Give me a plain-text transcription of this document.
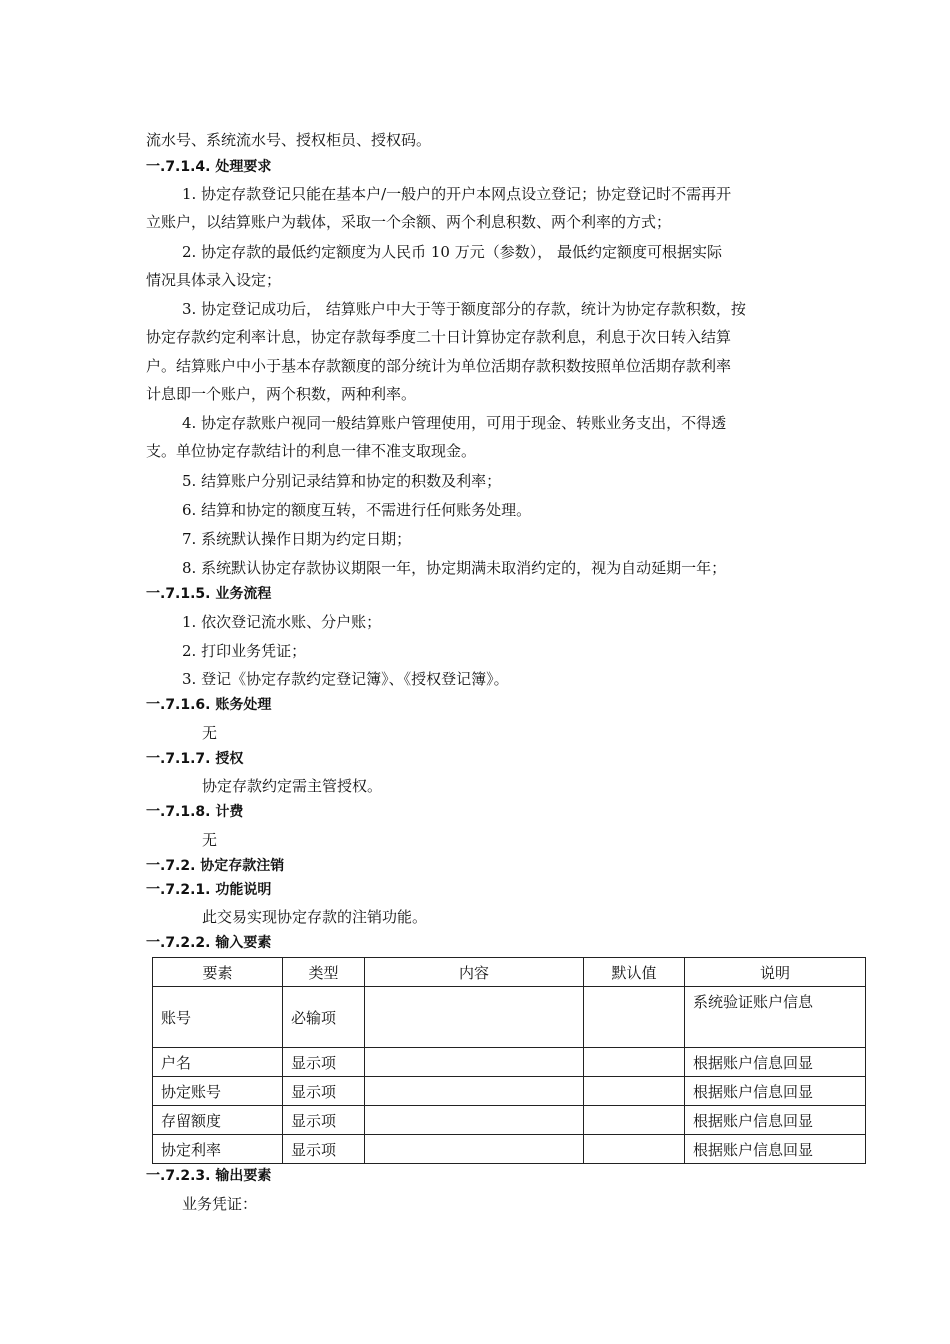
流水号、系统流水号、授权柜员、授权码。
一.7.1.4. 处理要求
1. 协定存款登记只能在基本户/一般户的开户本网点设立登记；协定登记时不需再开
立账户，以结算账户为载体，采取一个余额、两个利息积数、两个利率的方式；
2. 协定存款的最低约定额度为人民币 10 万元（参数）， 最低约定额度可根据实际
情况具体录入设定；
3. 协定登记成功后， 结算账户中大于等于额度部分的存款，统计为协定存款积数，按
协定存款约定利率计息，协定存款每季度二十日计算协定存款利息，利息于次日转入结算
户。结算账户中小于基本存款额度的部分统计为单位活期存款积数按照单位活期存款利率
计息即一个账户，两个积数，两种利率。
4. 协定存款账户视同一般结算账户管理使用，可用于现金、转账业务支出，不得透
支。单位协定存款结计的利息一律不准支取现金。
5. 结算账户分别记录结算和协定的积数及利率；
6. 结算和协定的额度互转，不需进行任何账务处理。
7. 系统默认操作日期为约定日期；
8. 系统默认协定存款协议期限一年，协定期满未取消约定的，视为自动延期一年；
一.7.1.5. 业务流程
1. 依次登记流水账、分户账；
2. 打印业务凭证；
3. 登记《协定存款约定登记簿》、《授权登记簿》。
一.7.1.6. 账务处理
无
一.7.1.7. 授权
协定存款约定需主管授权。
一.7.1.8. 计费
无
一.7.2. 协定存款注销
一.7.2.1. 功能说明
此交易实现协定存款的注销功能。
一.7.2.2. 输入要素
要素	类型	内容	默认值	说明
账号	必输项			系统验证账户信息
户名	显示项			根据账户信息回显
协定账号	显示项			根据账户信息回显
存留额度	显示项			根据账户信息回显
协定利率	显示项			根据账户信息回显
一.7.2.3. 输出要素
业务凭证：
